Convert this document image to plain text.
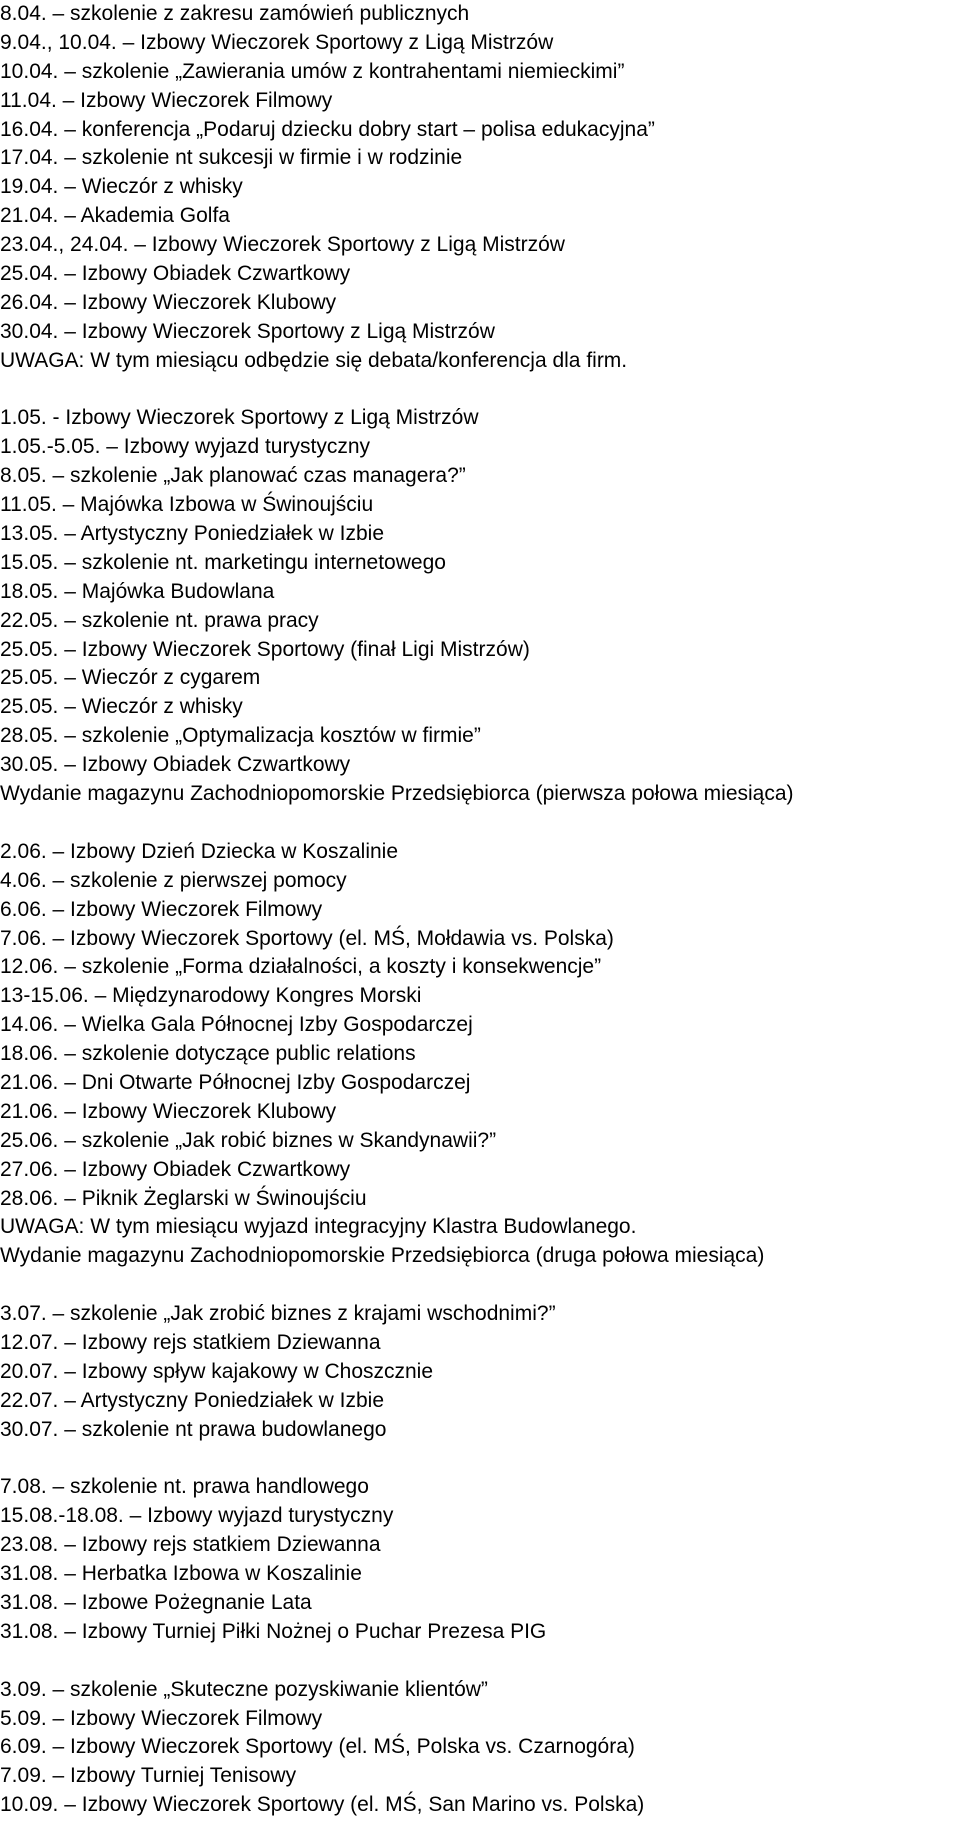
8.04. – szkolenie z zakresu zamówień publicznych
9.04., 10.04. – Izbowy Wieczorek Sportowy z Ligą Mistrzów
10.04. – szkolenie „Zawierania umów z kontrahentami niemieckimi”
11.04. – Izbowy Wieczorek Filmowy
16.04. – konferencja „Podaruj dziecku dobry start – polisa edukacyjna”
17.04. – szkolenie nt sukcesji w firmie i w rodzinie
19.04. – Wieczór z whisky
21.04. – Akademia Golfa
23.04., 24.04. – Izbowy Wieczorek Sportowy z Ligą Mistrzów
25.04. – Izbowy Obiadek Czwartkowy
26.04. – Izbowy Wieczorek Klubowy
30.04. – Izbowy Wieczorek Sportowy z Ligą Mistrzów
UWAGA: W tym miesiącu odbędzie się debata/konferencja dla firm.
1.05. - Izbowy Wieczorek Sportowy z Ligą Mistrzów
1.05.-5.05. – Izbowy wyjazd turystyczny
8.05. – szkolenie „Jak planować czas managera?”
11.05. – Majówka Izbowa w Świnoujściu
13.05. – Artystyczny Poniedziałek w Izbie
15.05. – szkolenie nt. marketingu internetowego
18.05. – Majówka Budowlana
22.05. – szkolenie nt. prawa pracy
25.05. – Izbowy Wieczorek Sportowy (finał Ligi Mistrzów)
25.05. – Wieczór z cygarem
25.05. – Wieczór z whisky
28.05. – szkolenie „Optymalizacja kosztów w firmie”
30.05. – Izbowy Obiadek Czwartkowy
Wydanie magazynu Zachodniopomorskie Przedsiębiorca (pierwsza połowa miesiąca)
2.06. – Izbowy Dzień Dziecka w Koszalinie
4.06. – szkolenie z pierwszej pomocy
6.06. – Izbowy Wieczorek Filmowy
7.06. – Izbowy Wieczorek Sportowy (el. MŚ, Mołdawia vs. Polska)
12.06. – szkolenie „Forma działalności, a koszty i konsekwencje”
13-15.06. – Międzynarodowy Kongres Morski
14.06. – Wielka Gala Północnej Izby Gospodarczej
18.06. – szkolenie dotyczące public relations
21.06. – Dni Otwarte Północnej Izby Gospodarczej
21.06. – Izbowy Wieczorek Klubowy
25.06. – szkolenie „Jak robić biznes w Skandynawii?”
27.06. – Izbowy Obiadek Czwartkowy
28.06. – Piknik Żeglarski w Świnoujściu
UWAGA: W tym miesiącu wyjazd integracyjny Klastra Budowlanego.
Wydanie magazynu Zachodniopomorskie Przedsiębiorca (druga połowa miesiąca)
3.07. – szkolenie „Jak zrobić biznes z krajami wschodnimi?”
12.07. – Izbowy rejs statkiem Dziewanna
20.07. – Izbowy spływ kajakowy w Choszcznie
22.07. – Artystyczny Poniedziałek w Izbie
30.07. – szkolenie nt prawa budowlanego
7.08. – szkolenie nt. prawa handlowego
15.08.-18.08. – Izbowy wyjazd turystyczny
23.08. – Izbowy rejs statkiem Dziewanna
31.08. – Herbatka Izbowa w Koszalinie
31.08. – Izbowe Pożegnanie Lata
31.08. – Izbowy Turniej Piłki Nożnej o Puchar Prezesa PIG
3.09. – szkolenie „Skuteczne pozyskiwanie klientów”
5.09. – Izbowy Wieczorek Filmowy
6.09. – Izbowy Wieczorek Sportowy (el. MŚ, Polska vs. Czarnogóra)
7.09. – Izbowy Turniej Tenisowy
10.09. – Izbowy Wieczorek Sportowy (el. MŚ, San Marino vs. Polska)
